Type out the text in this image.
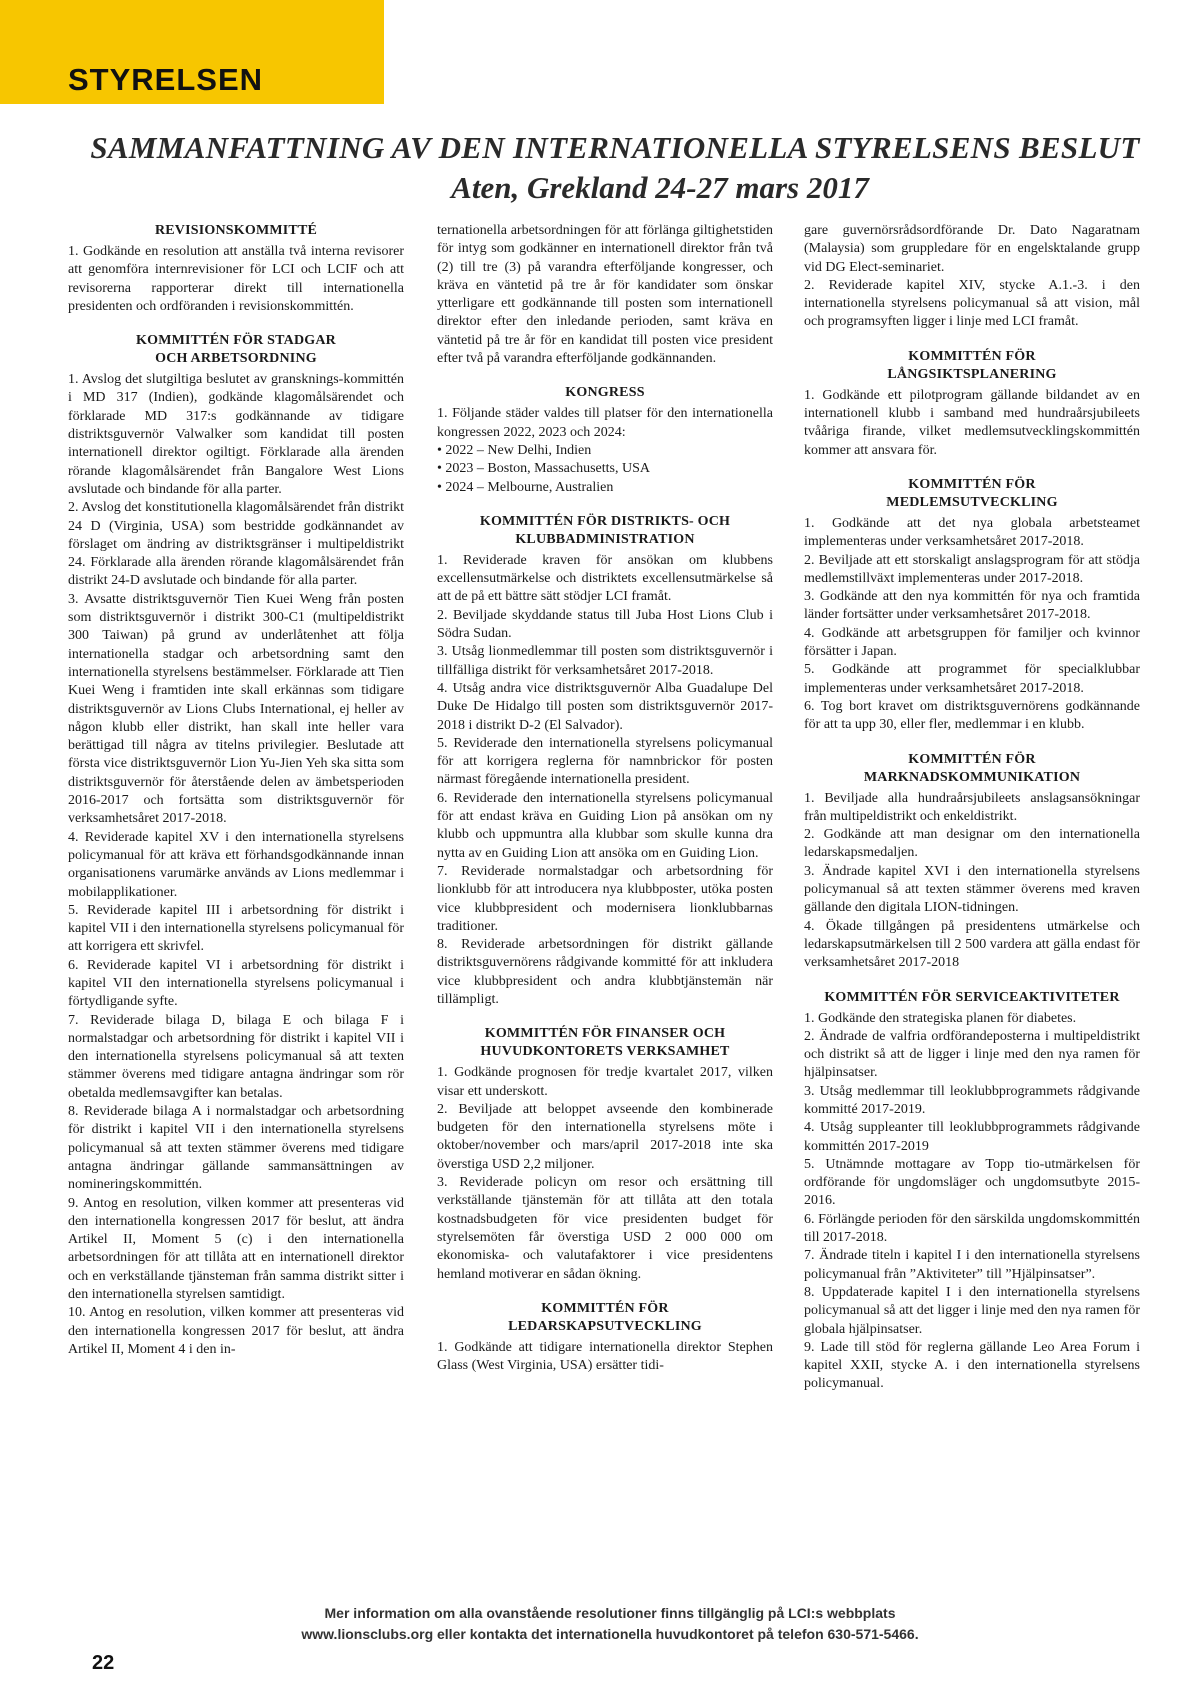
STYRELSEN
SAMMANFATTNING AV DEN INTERNATIONELLA STYRELSENS BESLUT
Aten, Grekland 24-27 mars 2017
REVISIONSKOMMITTÉ

1. Godkände en resolution att anställa två interna revisorer att genomföra internrevisioner för LCI och LCIF och att revisorerna rapporterar direkt till internationella presidenten och ordföranden i revisionskommittén.

KOMMITTÉN FÖR STADGAR
OCH ARBETSORDNING

1. Avslog det slutgiltiga beslutet av gransknings-kommittén i MD 317 (Indien), godkände klagomålsärendet och förklarade MD 317:s godkännande av tidigare distriktsguvernör Valwalker som kandidat till posten internationell direktor ogiltigt. Förklarade alla ärenden rörande klagomålsärendet från Bangalore West Lions avslutade och bindande för alla parter.

2. Avslog det konstitutionella klagomålsärendet från distrikt 24 D (Virginia, USA) som bestridde godkännandet av förslaget om ändring av distriktsgränser i multipeldistrikt 24. Förklarade alla ärenden rörande klagomålsärendet från distrikt 24-D avslutade och bindande för alla parter.

3. Avsatte distriktsguvernör Tien Kuei Weng från posten som distriktsguvernör i distrikt 300-C1 (multipeldistrikt 300 Taiwan) på grund av underlåtenhet att följa internationella stadgar och arbetsordning samt den internationella styrelsens bestämmelser. Förklarade att Tien Kuei Weng i framtiden inte skall erkännas som tidigare distriktsguvernör av Lions Clubs International, ej heller av någon klubb eller distrikt, han skall inte heller vara berättigad till några av titelns privilegier. Beslutade att första vice distriktsguvernör Lion Yu-Jien Yeh ska sitta som distriktsguvernör för återstående delen av ämbetsperioden 2016-2017 och fortsätta som distriktsguvernör för verksamhetsåret 2017-2018.

4. Reviderade kapitel XV i den internationella styrelsens policymanual för att kräva ett förhandsgodkännande innan organisationens varumärke används av Lions medlemmar i mobilapplikationer.

5. Reviderade kapitel III i arbetsordning för distrikt i kapitel VII i den internationella styrelsens policymanual för att korrigera ett skrivfel.

6. Reviderade kapitel VI i arbetsordning för distrikt i kapitel VII den internationella styrelsens policymanual i förtydligande syfte.

7. Reviderade bilaga D, bilaga E och bilaga F i normalstadgar och arbetsordning för distrikt i kapitel VII i den internationella styrelsens policymanual så att texten stämmer överens med tidigare antagna ändringar som rör obetalda medlemsavgifter kan betalas.

8. Reviderade bilaga A i normalstadgar och arbetsordning för distrikt i kapitel VII i den internationella styrelsens policymanual så att texten stämmer överens med tidigare antagna ändringar gällande sammansättningen av nomineringskommittén.

9. Antog en resolution, vilken kommer att presenteras vid den internationella kongressen 2017 för beslut, att ändra Artikel II, Moment 5 (c) i den internationella arbetsordningen för att tillåta att en internationell direktor och en verkställande tjänsteman från samma distrikt sitter i den internationella styrelsen samtidigt.

10. Antog en resolution, vilken kommer att presenteras vid den internationella kongressen 2017 för beslut, att ändra Artikel II, Moment 4 i den in-

ternationella arbetsordningen för att förlänga giltighetstiden för intyg som godkänner en internationell direktor från två (2) till tre (3) på varandra efterföljande kongresser, och kräva en väntetid på tre år för kandidater som önskar ytterligare ett godkännande till posten som internationell direktor efter den inledande perioden, samt kräva en väntetid på tre år för en kandidat till posten vice president efter två på varandra efterföljande godkännanden.

KONGRESS

1. Följande städer valdes till platser för den internationella kongressen 2022, 2023 och 2024:

• 2022 – New Delhi, Indien
• 2023 – Boston, Massachusetts, USA
• 2024 – Melbourne, Australien
KOMMITTÉN FÖR DISTRIKTS- OCH
KLUBBADMINISTRATION

1. Reviderade kraven för ansökan om klubbens excellensutmärkelse och distriktets excellensutmärkelse så att de på ett bättre sätt stödjer LCI framåt.

2. Beviljade skyddande status till Juba Host Lions Club i Södra Sudan.

3. Utsåg lionmedlemmar till posten som distriktsguvernör i tillfälliga distrikt för verksamhetsåret 2017-2018.

4. Utsåg andra vice distriktsguvernör Alba Guadalupe Del Duke De Hidalgo till posten som distriktsguvernör 2017-2018 i distrikt D-2 (El Salvador).

5. Reviderade den internationella styrelsens policymanual för att korrigera reglerna för namnbrickor för posten närmast föregående internationella president.

6. Reviderade den internationella styrelsens policymanual för att endast kräva en Guiding Lion på ansökan om ny klubb och uppmuntra alla klubbar som skulle kunna dra nytta av en Guiding Lion att ansöka om en Guiding Lion.

7. Reviderade normalstadgar och arbetsordning för lionklubb för att introducera nya klubbposter, utöka posten vice klubbpresident och modernisera lionklubbarnas traditioner.

8. Reviderade arbetsordningen för distrikt gällande distriktsguvernörens rådgivande kommitté för att inkludera vice klubbpresident och andra klubbtjänstemän när tillämpligt.

KOMMITTÉN FÖR FINANSER OCH
HUVUDKONTORETS VERKSAMHET

1. Godkände prognosen för tredje kvartalet 2017, vilken visar ett underskott.

2. Beviljade att beloppet avseende den kombinerade budgeten för den internationella styrelsens möte i oktober/november och mars/april 2017-2018 inte ska överstiga USD 2,2 miljoner.

3. Reviderade policyn om resor och ersättning till verkställande tjänstemän för att tillåta att den totala kostnadsbudgeten för vice presidenten budget för styrelsemöten får överstiga USD 2 000 000 om ekonomiska- och valutafaktorer i vice presidentens hemland motiverar en sådan ökning.

KOMMITTÉN FÖR
LEDARSKAPSUTVECKLING

1. Godkände att tidigare internationella direktor Stephen Glass (West Virginia, USA) ersätter tidi-

gare guvernörsrådsordförande Dr. Dato Nagaratnam (Malaysia) som gruppledare för en engelsktalande grupp vid DG Elect-seminariet.

2. Reviderade kapitel XIV, stycke A.1.-3. i den internationella styrelsens policymanual så att vision, mål och programsyften ligger i linje med LCI framåt.

KOMMITTÉN FÖR
LÅNGSIKTSPLANERING

1. Godkände ett pilotprogram gällande bildandet av en internationell klubb i samband med hundraårsjubileets tvååriga firande, vilket medlemsutvecklingskommittén kommer att ansvara för.

KOMMITTÉN FÖR
MEDLEMSUTVECKLING

1. Godkände att det nya globala arbetsteamet implementeras under verksamhetsåret 2017-2018.

2. Beviljade att ett storskaligt anslagsprogram för att stödja medlemstillväxt implementeras under 2017-2018.

3. Godkände att den nya kommittén för nya och framtida länder fortsätter under verksamhetsåret 2017-2018.

4. Godkände att arbetsgruppen för familjer och kvinnor försätter i Japan.

5. Godkände att programmet för specialklubbar implementeras under verksamhetsåret 2017-2018.

6. Tog bort kravet om distriktsguvernörens godkännande för att ta upp 30, eller fler, medlemmar i en klubb.

KOMMITTÉN FÖR
MARKNADSKOMMUNIKATION

1. Beviljade alla hundraårsjubileets anslagsansökningar från multipeldistrikt och enkeldistrikt.

2. Godkände att man designar om den internationella ledarskapsmedaljen.

3. Ändrade kapitel XVI i den internationella styrelsens policymanual så att texten stämmer överens med kraven gällande den digitala LION-tidningen.

4. Ökade tillgången på presidentens utmärkelse och ledarskapsutmärkelsen till 2 500 vardera att gälla endast för verksamhetsåret 2017-2018

KOMMITTÉN FÖR SERVICEAKTIVITETER

1. Godkände den strategiska planen för diabetes.

2. Ändrade de valfria ordförandeposterna i multipeldistrikt och distrikt så att de ligger i linje med den nya ramen för hjälpinsatser.

3. Utsåg medlemmar till leoklubbprogrammets rådgivande kommitté 2017-2019.

4. Utsåg suppleanter till leoklubbprogrammets rådgivande kommittén 2017-2019

5. Utnämnde mottagare av Topp tio-utmärkelsen för ordförande för ungdomsläger och ungdomsutbyte 2015-2016.

6. Förlängde perioden för den särskilda ungdomskommittén till 2017-2018.

7. Ändrade titeln i kapitel I i den internationella styrelsens policymanual från ”Aktiviteter” till ”Hjälpinsatser”.

8. Uppdaterade kapitel I i den internationella styrelsens policymanual så att det ligger i linje med den nya ramen för globala hjälpinsatser.

9. Lade till stöd för reglerna gällande Leo Area Forum i kapitel XXII, stycke A. i den internationella styrelsens policymanual.

Mer information om alla ovanstående resolutioner finns tillgänglig på LCI:s webbplats
www.lionsclubs.org eller kontakta det internationella huvudkontoret på telefon 630-571-5466.
22
